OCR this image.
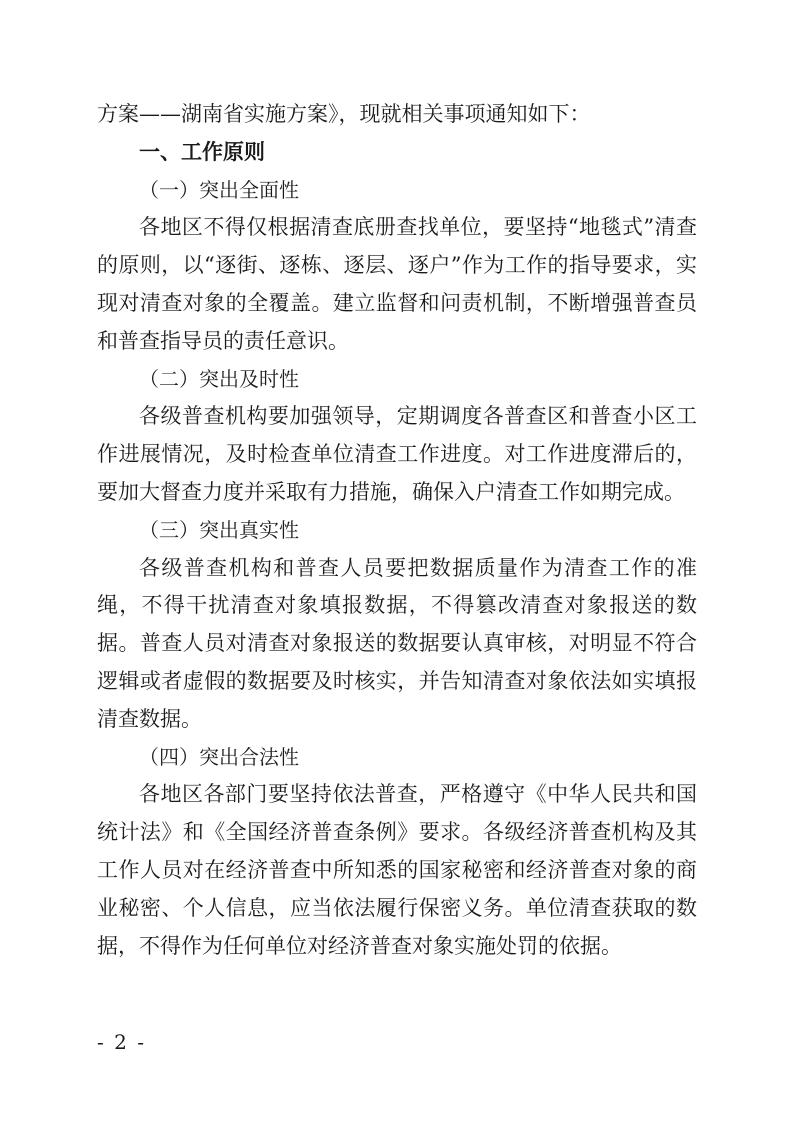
方案——湖南省实施方案》，现就相关事项通知如下：

一、工作原则

（一）突出全面性

各地区不得仅根据清查底册查找单位，要坚持“地毯式”清查的原则，以“逐街、逐栋、逐层、逐户”作为工作的指导要求，实现对清查对象的全覆盖。建立监督和问责机制，不断增强普查员和普查指导员的责任意识。

（二）突出及时性

各级普查机构要加强领导，定期调度各普查区和普查小区工作进展情况，及时检查单位清查工作进度。对工作进度滞后的，要加大督查力度并采取有力措施，确保入户清查工作如期完成。

（三）突出真实性

各级普查机构和普查人员要把数据质量作为清查工作的准绳，不得干扰清查对象填报数据，不得篡改清查对象报送的数据。普查人员对清查对象报送的数据要认真审核，对明显不符合逻辑或者虚假的数据要及时核实，并告知清查对象依法如实填报清查数据。

（四）突出合法性

各地区各部门要坚持依法普查，严格遵守《中华人民共和国统计法》和《全国经济普查条例》要求。各级经济普查机构及其工作人员对在经济普查中所知悉的国家秘密和经济普查对象的商业秘密、个人信息，应当依法履行保密义务。单位清查获取的数据，不得作为任何单位对经济普查对象实施处罚的依据。

- 2 -
